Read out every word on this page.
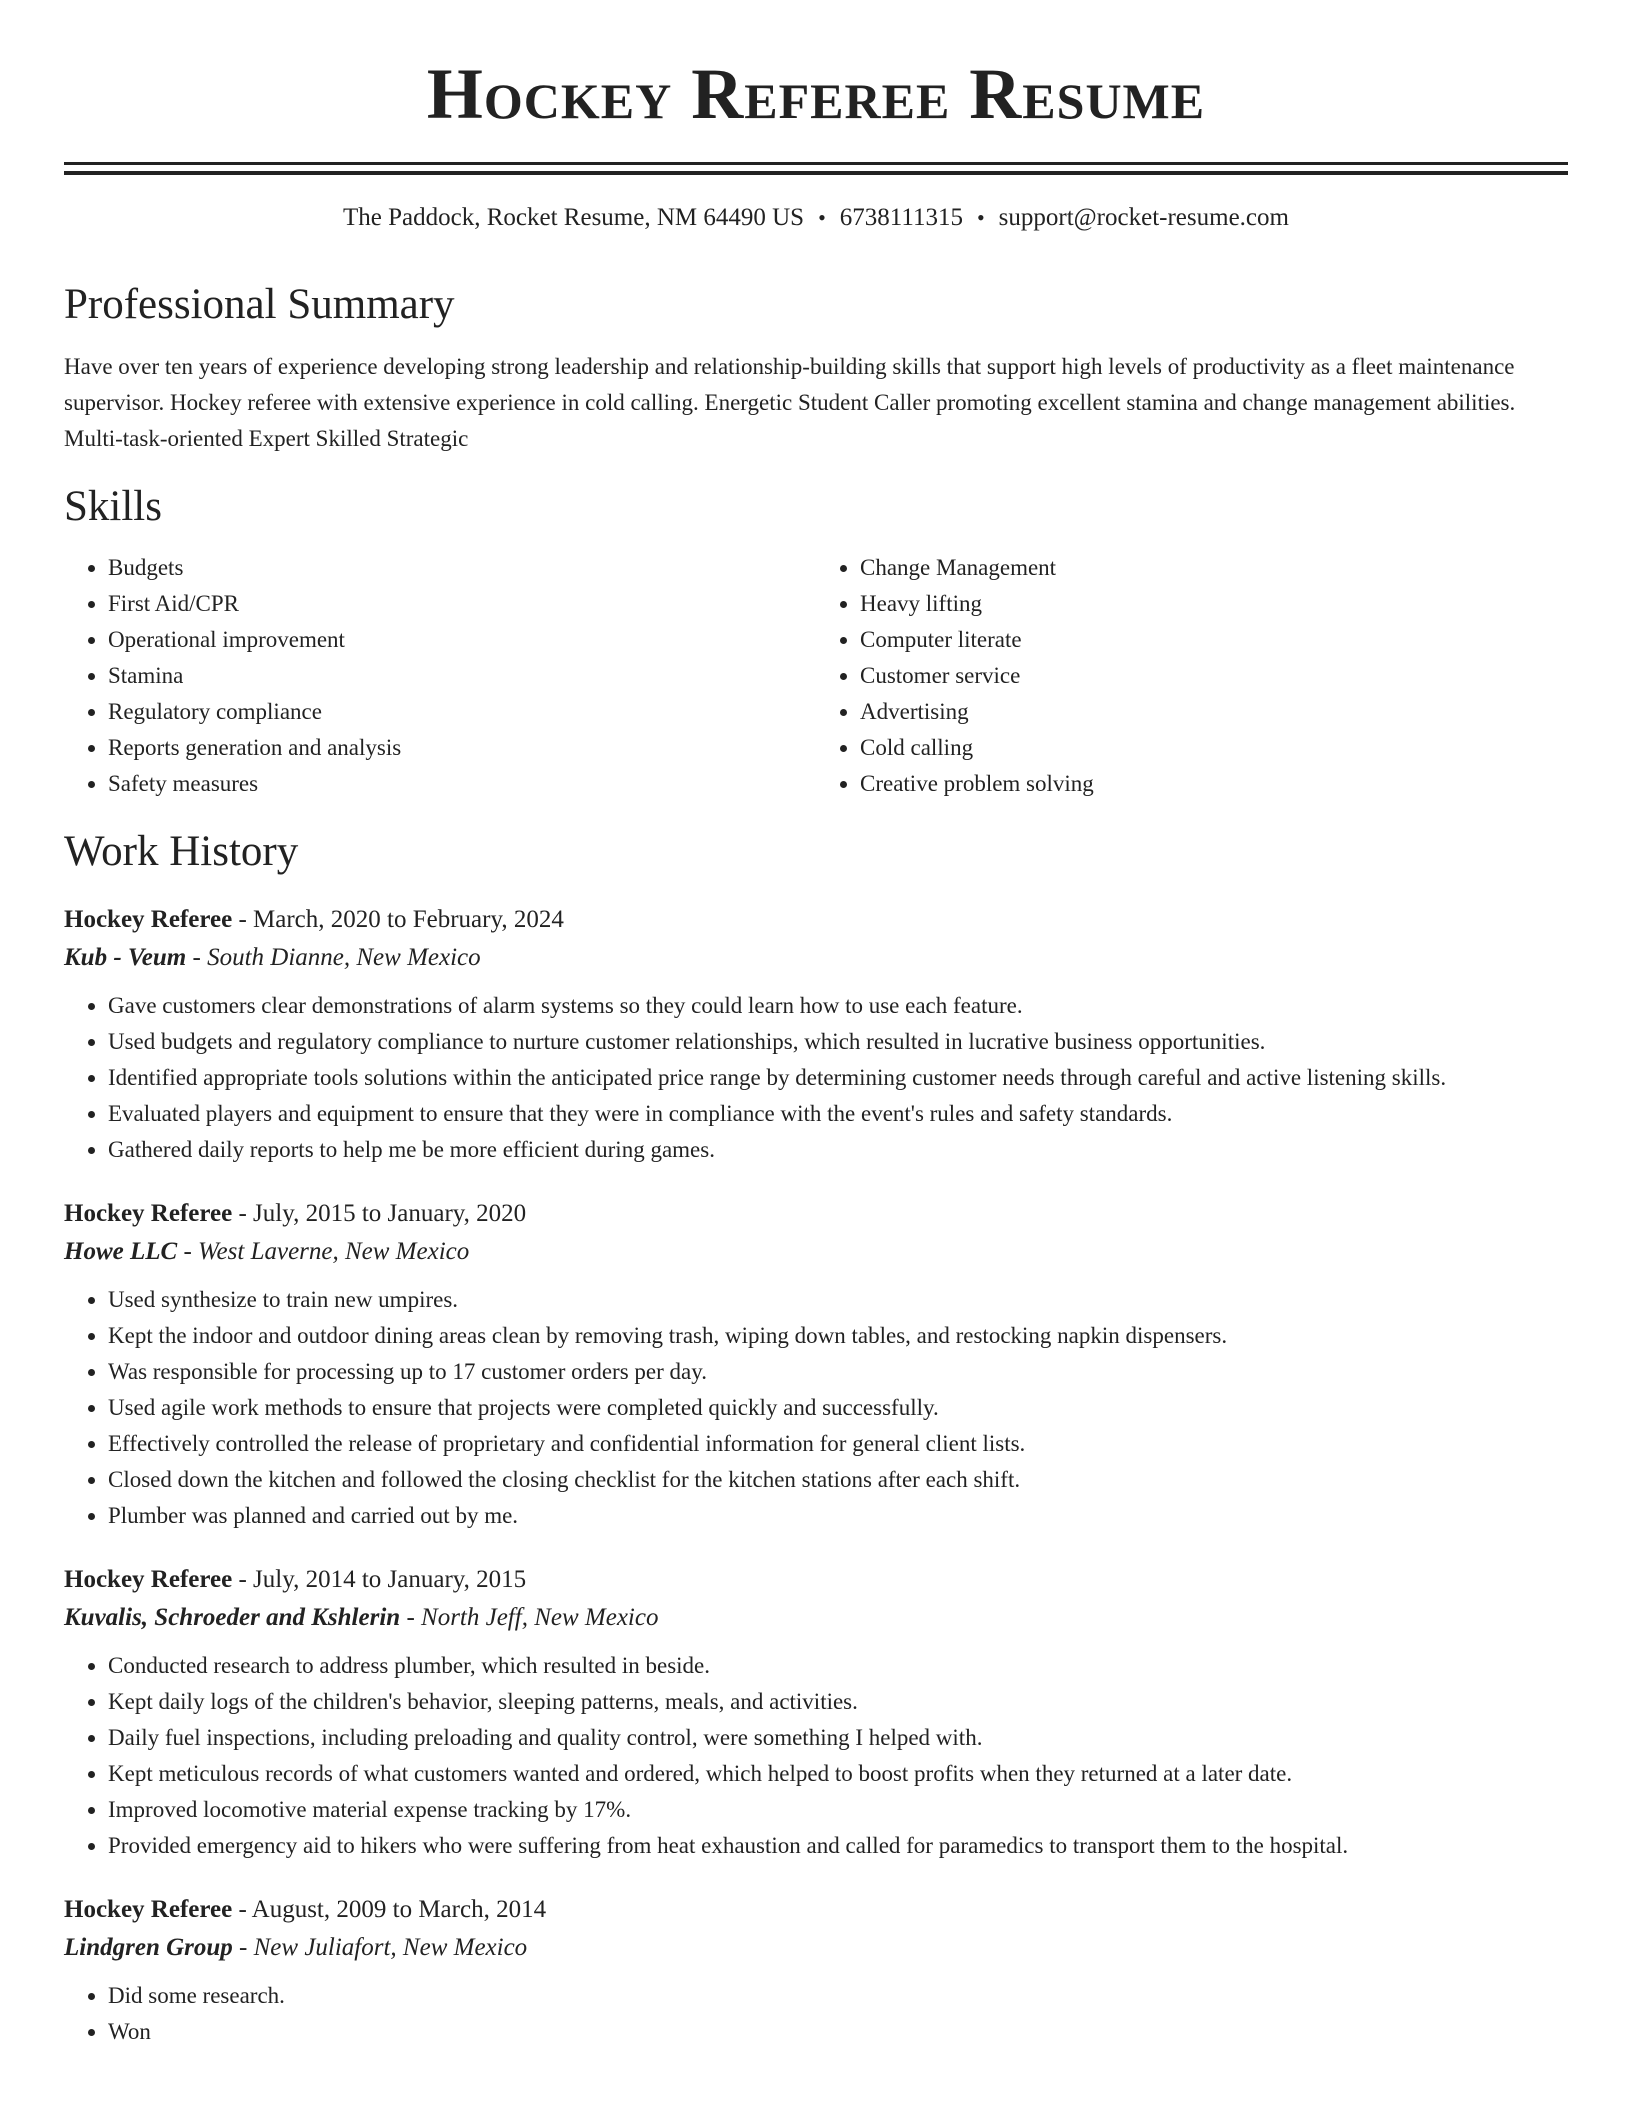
Hockey Referee Resume
The Paddock, Rocket Resume, NM 64490 US • 6738111315 • support@rocket-resume.com
Professional Summary

Have over ten years of experience developing strong leadership and relationship-building skills that support high levels of productivity as a fleet maintenance supervisor. Hockey referee with extensive experience in cold calling. Energetic Student Caller promoting excellent stamina and change management abilities. Multi-task-oriented Expert Skilled Strategic

Skills
• Budgets
• First Aid/CPR
• Operational improvement
• Stamina
• Regulatory compliance
• Reports generation and analysis
• Safety measures
• Change Management
• Heavy lifting
• Computer literate
• Customer service
• Advertising
• Cold calling
• Creative problem solving
Work History
Hockey Referee - March, 2020 to February, 2024
Kub - Veum - South Dianne, New Mexico
• Gave customers clear demonstrations of alarm systems so they could learn how to use each feature.
• Used budgets and regulatory compliance to nurture customer relationships, which resulted in lucrative business opportunities.
• Identified appropriate tools solutions within the anticipated price range by determining customer needs through careful and active listening skills.
• Evaluated players and equipment to ensure that they were in compliance with the event's rules and safety standards.
• Gathered daily reports to help me be more efficient during games.
Hockey Referee - July, 2015 to January, 2020
Howe LLC - West Laverne, New Mexico
• Used synthesize to train new umpires.
• Kept the indoor and outdoor dining areas clean by removing trash, wiping down tables, and restocking napkin dispensers.
• Was responsible for processing up to 17 customer orders per day.
• Used agile work methods to ensure that projects were completed quickly and successfully.
• Effectively controlled the release of proprietary and confidential information for general client lists.
• Closed down the kitchen and followed the closing checklist for the kitchen stations after each shift.
• Plumber was planned and carried out by me.
Hockey Referee - July, 2014 to January, 2015
Kuvalis, Schroeder and Kshlerin - North Jeff, New Mexico
• Conducted research to address plumber, which resulted in beside.
• Kept daily logs of the children's behavior, sleeping patterns, meals, and activities.
• Daily fuel inspections, including preloading and quality control, were something I helped with.
• Kept meticulous records of what customers wanted and ordered, which helped to boost profits when they returned at a later date.
• Improved locomotive material expense tracking by 17%.
• Provided emergency aid to hikers who were suffering from heat exhaustion and called for paramedics to transport them to the hospital.
Hockey Referee - August, 2009 to March, 2014
Lindgren Group - New Juliafort, New Mexico
• Did some research.
• Won
